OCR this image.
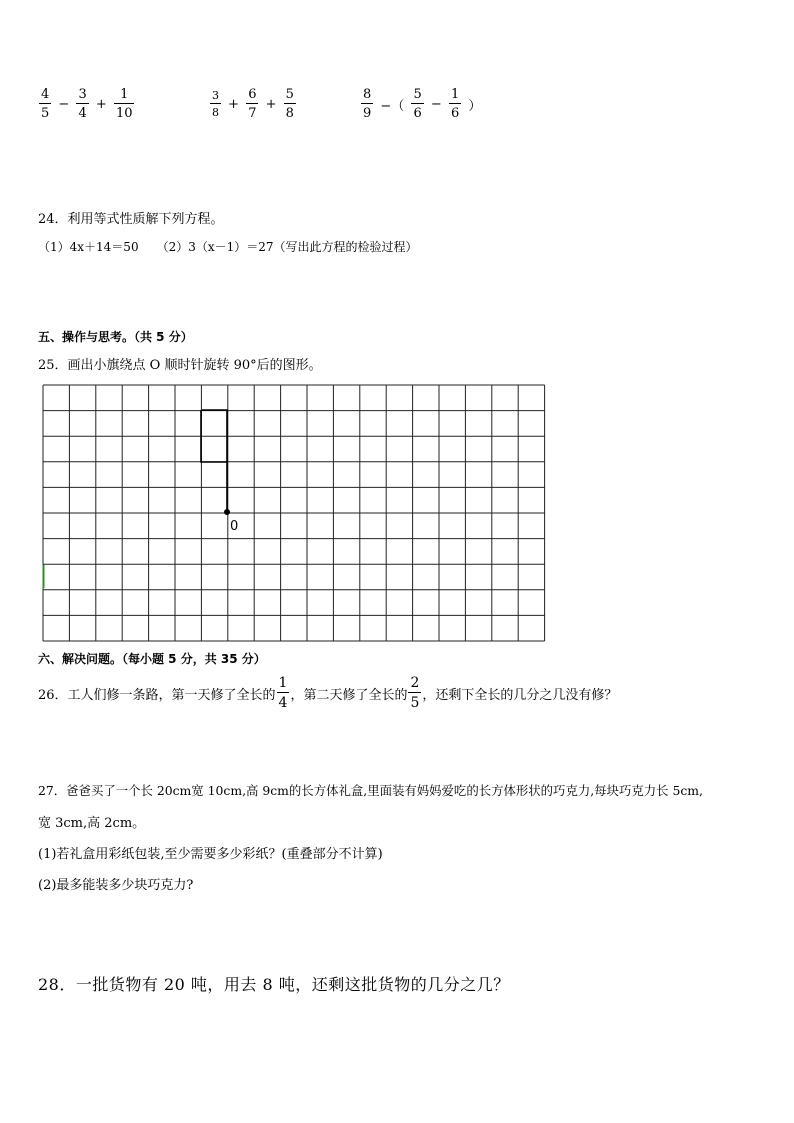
$\frac{4}{5} - \frac{3}{4} + \frac{1}{10}$	$\frac{3}{8} + \frac{6}{7} + \frac{5}{8}$	$\frac{8}{9}$ −（ $\frac{5}{6} - \frac{1}{6}$ ）
24．利用等式性质解下列方程。
（1）4x＋14＝50　　（2）3（x－1）＝27（写出此方程的检验过程）
五、操作与思考。（共 5 分）
25．画出小旗绕点 O 顺时针旋转 90°后的图形。
0
六、解决问题。（每小题 5 分，共 35 分）
26．工人们修一条路，第一天修了全长的 $\frac{1}{4}$ ，第二天修了全长的 $\frac{2}{5}$ ，还剩下全长的几分之几没有修？
27．爸爸买了一个长 20cm宽 10cm,高 9cm的长方体礼盒,里面装有妈妈爱吃的长方体形状的巧克力,每块巧克力长 5cm,
宽 3cm,高 2cm。
(1)若礼盒用彩纸包装,至少需要多少彩纸？(重叠部分不计算)
(2)最多能装多少块巧克力?
28．一批货物有 20 吨，用去 8 吨，还剩这批货物的几分之几？
